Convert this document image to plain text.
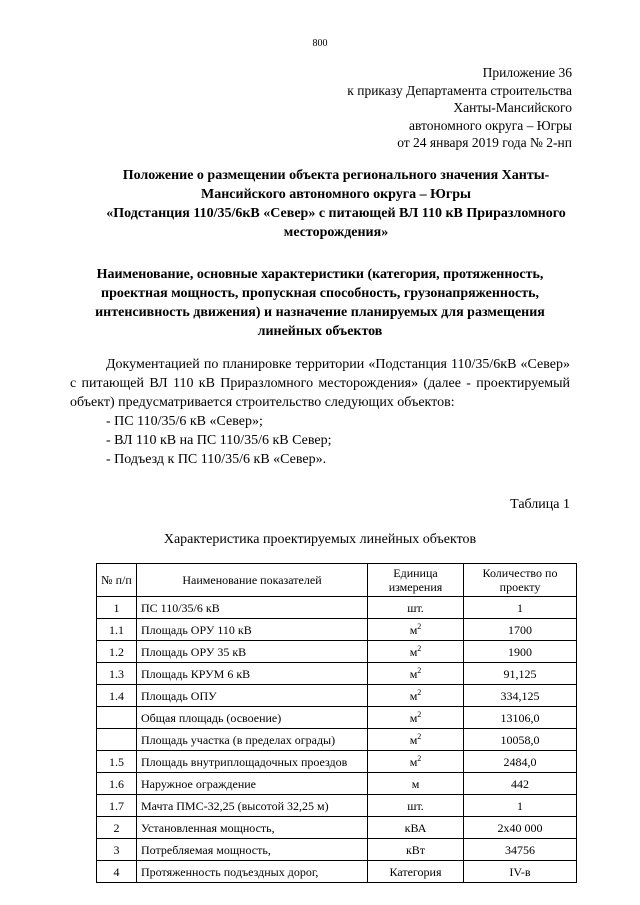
800
Приложение 36
к приказу Департамента строительства
Ханты-Мансийского
автономного округа – Югры
от 24 января 2019 года № 2-нп
Положение о размещении объекта регионального значения Ханты-Мансийского автономного округа – Югры
«Подстанция 110/35/6кВ «Север» с питающей ВЛ 110 кВ Приразломного месторождения»
Наименование, основные характеристики (категория, протяженность, проектная мощность, пропускная способность, грузонапряженность, интенсивность движения) и назначение планируемых для размещения линейных объектов

Документацией по планировке территории «Подстанция 110/35/6кВ «Север» с питающей ВЛ 110 кВ Приразломного месторождения» (далее - проектируемый объект) предусматривается строительство следующих объектов:

- ПС 110/35/6 кВ «Север»;
- ВЛ 110 кВ на ПС 110/35/6 кВ Север;
- Подъезд к ПС 110/35/6 кВ «Север».
Таблица 1
Характеристика проектируемых линейных объектов
№ п/п	Наименование показателей	Единица измерения	Количество по проекту
1	ПС 110/35/6 кВ	шт.	1
1.1	Площадь ОРУ 110 кВ	$м^2$	1700
1.2	Площадь ОРУ 35 кВ	$м^2$	1900
1.3	Площадь КРУМ 6 кВ	$м^2$	91,125
1.4	Площадь ОПУ	$м^2$	334,125
	Общая площадь (освоение)	$м^2$	13106,0
	Площадь участка (в пределах ограды)	$м^2$	10058,0
1.5	Площадь внутриплощадочных проездов	$м^2$	2484,0
1.6	Наружное ограждение	м	442
1.7	Мачта ПМС-32,25 (высотой 32,25 м)	шт.	1
2	Установленная мощность,	кВА	2x40 000
3	Потребляемая мощность,	кВт	34756
4	Протяженность подъездных дорог,	Категория	IV-в
